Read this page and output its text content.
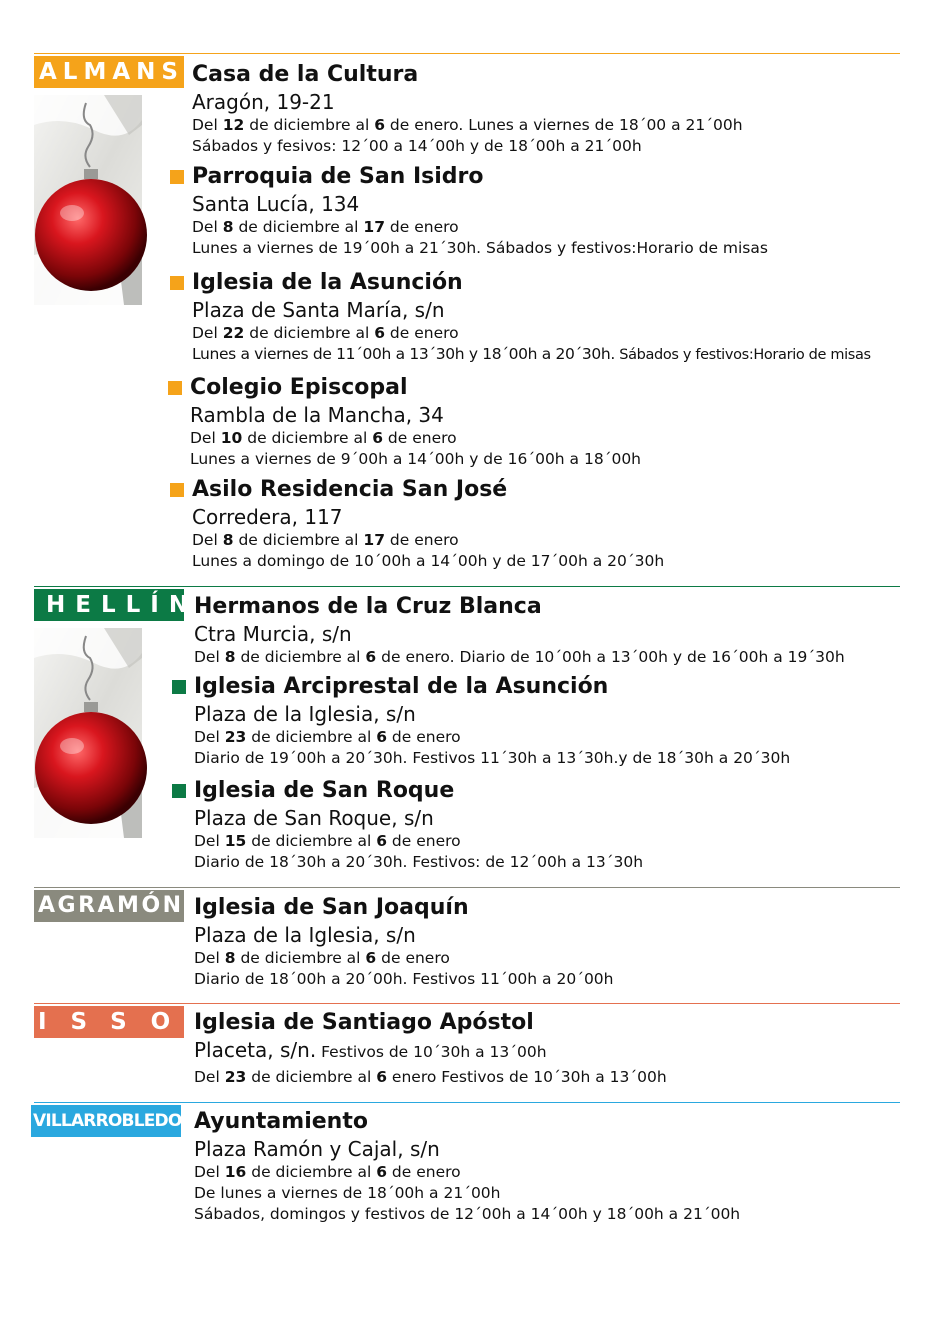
ALMANSA
Casa de la Cultura
Aragón, 19-21
Del 12 de diciembre al 6 de enero. Lunes a viernes de 18´00 a 21´00h
Sábados y fesivos: 12´00 a 14´00h y de 18´00h a 21´00h
Parroquia de San Isidro
Santa Lucía, 134
Del 8 de diciembre al 17 de enero
Lunes a viernes de 19´00h a 21´30h. Sábados y festivos:Horario de misas
Iglesia de la Asunción
Plaza de Santa María, s/n
Del 22 de diciembre al 6 de enero
Lunes a viernes de 11´00h a 13´30h y 18´00h a 20´30h. Sábados y festivos:Horario de misas
Colegio Episcopal
Rambla de la Mancha, 34
Del 10 de diciembre al 6 de enero
Lunes a viernes de 9´00h a 14´00h y de 16´00h a 18´00h
Asilo Residencia San José
Corredera, 117
Del 8 de diciembre al 17 de enero
Lunes a domingo de 10´00h a 14´00h y de 17´00h a 20´30h
HELLÍN
Hermanos de la Cruz Blanca
Ctra Murcia, s/n
Del 8 de diciembre al 6 de enero. Diario de 10´00h a 13´00h y de 16´00h a 19´30h
Iglesia Arciprestal de la Asunción
Plaza de la Iglesia, s/n
Del 23 de diciembre al 6 de enero
Diario de 19´00h a 20´30h. Festivos 11´30h a 13´30h.y de 18´30h a 20´30h
Iglesia de San Roque
Plaza de San Roque, s/n
Del 15 de diciembre al 6 de enero
Diario de 18´30h a 20´30h. Festivos: de 12´00h a 13´30h
AGRAMÓN Iglesia de San Joaquín
Plaza de la Iglesia, s/n
Del 8 de diciembre al 6 de enero
Diario de 18´00h a 20´00h. Festivos 11´00h a 20´00h
ISSO Iglesia de Santiago Apóstol
Placeta, s/n. Festivos de 10´30h a 13´00h
Del 23 de diciembre al 6 enero Festivos de 10´30h a 13´00h
VILLARROBLEDO Ayuntamiento
Plaza Ramón y Cajal, s/n
Del 16 de diciembre al 6 de enero
De lunes a viernes de 18´00h a 21´00h
Sábados, domingos y festivos de 12´00h a 14´00h y 18´00h a 21´00h
